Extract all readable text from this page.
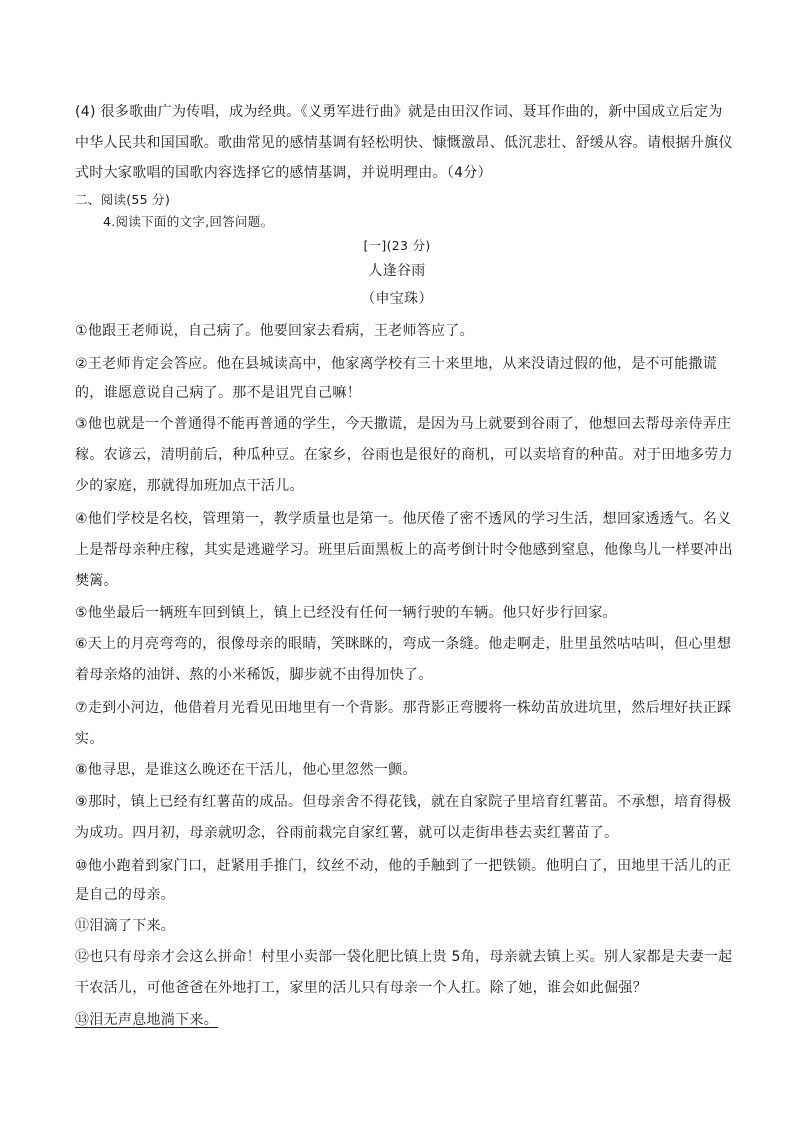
(4) 很多歌曲广为传唱，成为经典。《义勇军进行曲》就是由田汉作词、聂耳作曲的，新中国成立后定为
中华人民共和国国歌。歌曲常见的感情基调有轻松明快、慷慨激昂、低沉悲壮、舒缓从容。请根据升旗仪
式时大家歌唱的国歌内容选择它的感情基调，并说明理由。（4分）
二、阅读(55 分)
4.阅读下面的文字,回答问题。
[一](23 分)
人逢谷雨
（申宝珠）
①他跟王老师说，自己病了。他要回家去看病，王老师答应了。
②王老师肯定会答应。他在县城读高中，他家离学校有三十来里地，从来没请过假的他，是不可能撒谎
的，谁愿意说自己病了。那不是诅咒自己嘛！
③他也就是一个普通得不能再普通的学生，今天撒谎，是因为马上就要到谷雨了，他想回去帮母亲侍弄庄
稼。农谚云，清明前后，种瓜种豆。在家乡，谷雨也是很好的商机，可以卖培育的种苗。对于田地多劳力
少的家庭，那就得加班加点干活儿。
④他们学校是名校，管理第一，教学质量也是第一。他厌倦了密不透风的学习生活，想回家透透气。名义
上是帮母亲种庄稼，其实是逃避学习。班里后面黑板上的高考倒计时令他感到窒息，他像鸟儿一样要冲出
樊篱。
⑤他坐最后一辆班车回到镇上，镇上已经没有任何一辆行驶的车辆。他只好步行回家。
⑥天上的月亮弯弯的，很像母亲的眼睛，笑眯眯的，弯成一条缝。他走啊走，肚里虽然咕咕叫，但心里想
着母亲烙的油饼、熬的小米稀饭，脚步就不由得加快了。
⑦走到小河边，他借着月光看见田地里有一个背影。那背影正弯腰将一株幼苗放进坑里，然后埋好扶正踩
实。
⑧他寻思，是谁这么晚还在干活儿，他心里忽然一颤。
⑨那时，镇上已经有红薯苗的成品。但母亲舍不得花钱，就在自家院子里培育红薯苗。不承想，培育得极
为成功。四月初，母亲就叨念，谷雨前栽完自家红薯，就可以走街串巷去卖红薯苗了。
⑩他小跑着到家门口，赶紧用手推门，纹丝不动，他的手触到了一把铁锁。他明白了，田地里干活儿的正
是自己的母亲。
⑪泪滴了下来。
⑫也只有母亲才会这么拼命！村里小卖部一袋化肥比镇上贵 5角，母亲就去镇上买。别人家都是夫妻一起
干农活儿，可他爸爸在外地打工，家里的活儿只有母亲一个人扛。除了她，谁会如此倔强？
⑬泪无声息地淌下来。
